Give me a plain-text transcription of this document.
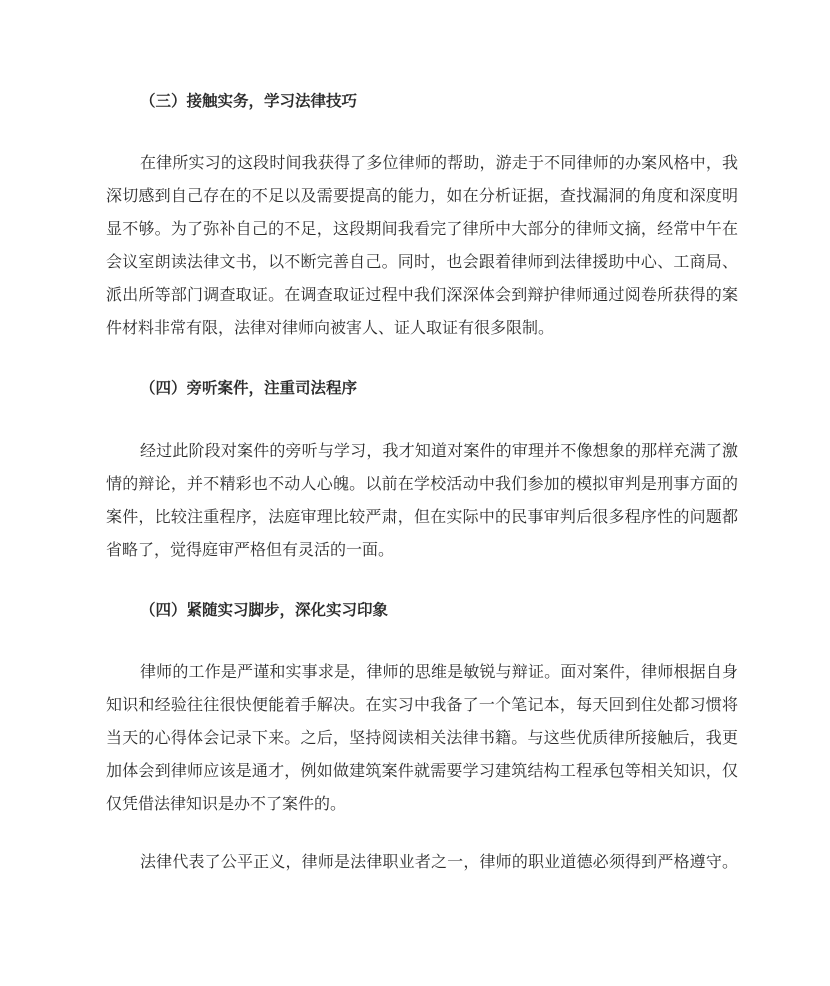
（三）接触实务，学习法律技巧
在律所实习的这段时间我获得了多位律师的帮助，游走于不同律师的办案风格中，我
深切感到自己存在的不足以及需要提高的能力，如在分析证据，查找漏洞的角度和深度明
显不够。为了弥补自己的不足，这段期间我看完了律所中大部分的律师文摘，经常中午在
会议室朗读法律文书，以不断完善自己。同时，也会跟着律师到法律援助中心、工商局、
派出所等部门调查取证。在调查取证过程中我们深深体会到辩护律师通过阅卷所获得的案
件材料非常有限，法律对律师向被害人、证人取证有很多限制。
（四）旁听案件，注重司法程序
经过此阶段对案件的旁听与学习，我才知道对案件的审理并不像想象的那样充满了激
情的辩论，并不精彩也不动人心魄。以前在学校活动中我们参加的模拟审判是刑事方面的
案件，比较注重程序，法庭审理比较严肃，但在实际中的民事审判后很多程序性的问题都
省略了，觉得庭审严格但有灵活的一面。
（四）紧随实习脚步，深化实习印象
律师的工作是严谨和实事求是，律师的思维是敏锐与辩证。面对案件，律师根据自身
知识和经验往往很快便能着手解决。在实习中我备了一个笔记本，每天回到住处都习惯将
当天的心得体会记录下来。之后，坚持阅读相关法律书籍。与这些优质律所接触后，我更
加体会到律师应该是通才，例如做建筑案件就需要学习建筑结构工程承包等相关知识，仅
仅凭借法律知识是办不了案件的。
法律代表了公平正义，律师是法律职业者之一，律师的职业道德必须得到严格遵守。
